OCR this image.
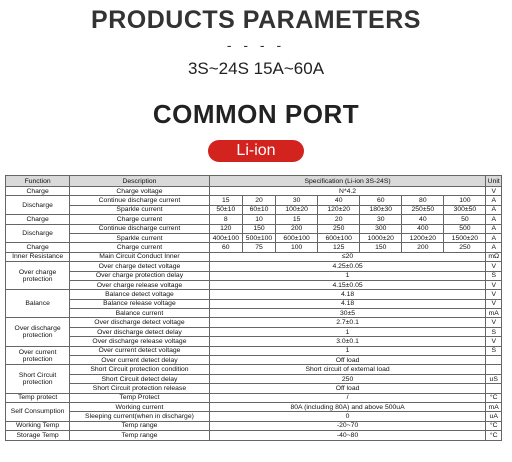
PRODUCTS PARAMETERS
- - - -
3S~24S 15A~60A
COMMON PORT
Li-ion
Function	Description	Specification (Li-ion 3S-24S)							Unit
Charge	Charge voltage	N*4.2							V
Discharge	Continue discharge current	15	20	30	40	60	80	100	A
	Sparkle current	50±10	60±10	100±20	120±20	180±30	250±50	300±50	A
Charge	Charge current	8	10	15	20	30	40	50	A
Discharge	Continue discharge current	120	150	200	250	300	400	500	A
	Sparkle current	400±100	500±100	600±100	600±100	1000±20	1200±20	1500±20	A
Charge	Charge current	60	75	100	125	150	200	250	A
Inner Resistance	Main Circuit Conduct Inner	≤20							mΩ
Over charge protection	Over charge detect voltage	4.25±0.05							V
	Over charge protection delay	1							S
	Over charge release voltage	4.15±0.05							V
Balance	Balance detect voltage	4.18							V
	Balance release voltage	4.18							V
	Balance current	30±5							mA
Over discharge protection	Over discharge detect voltage	2.7±0.1							V
	Over discharge detect delay	1							S
	Over discharge release voltage	3.0±0.1							V
Over current protection	Over current detect voltage	1							S
	Over current detect delay	Off load							
Short Circuit protection	Short Circuit protection condition	Short circuit of external load							
	Short Circuit detect delay	250							uS
	Short Circuit protection release	Off load							
Temp protect	Temp Protect	/							°C
Self Consumption	Working current	80A (including 80A) and above 500uA							mA
	Sleeping current(when in discharge)	0							uA
Working Temp	Temp range	-20~70							°C
Storage Temp	Temp range	-40~80							°C
